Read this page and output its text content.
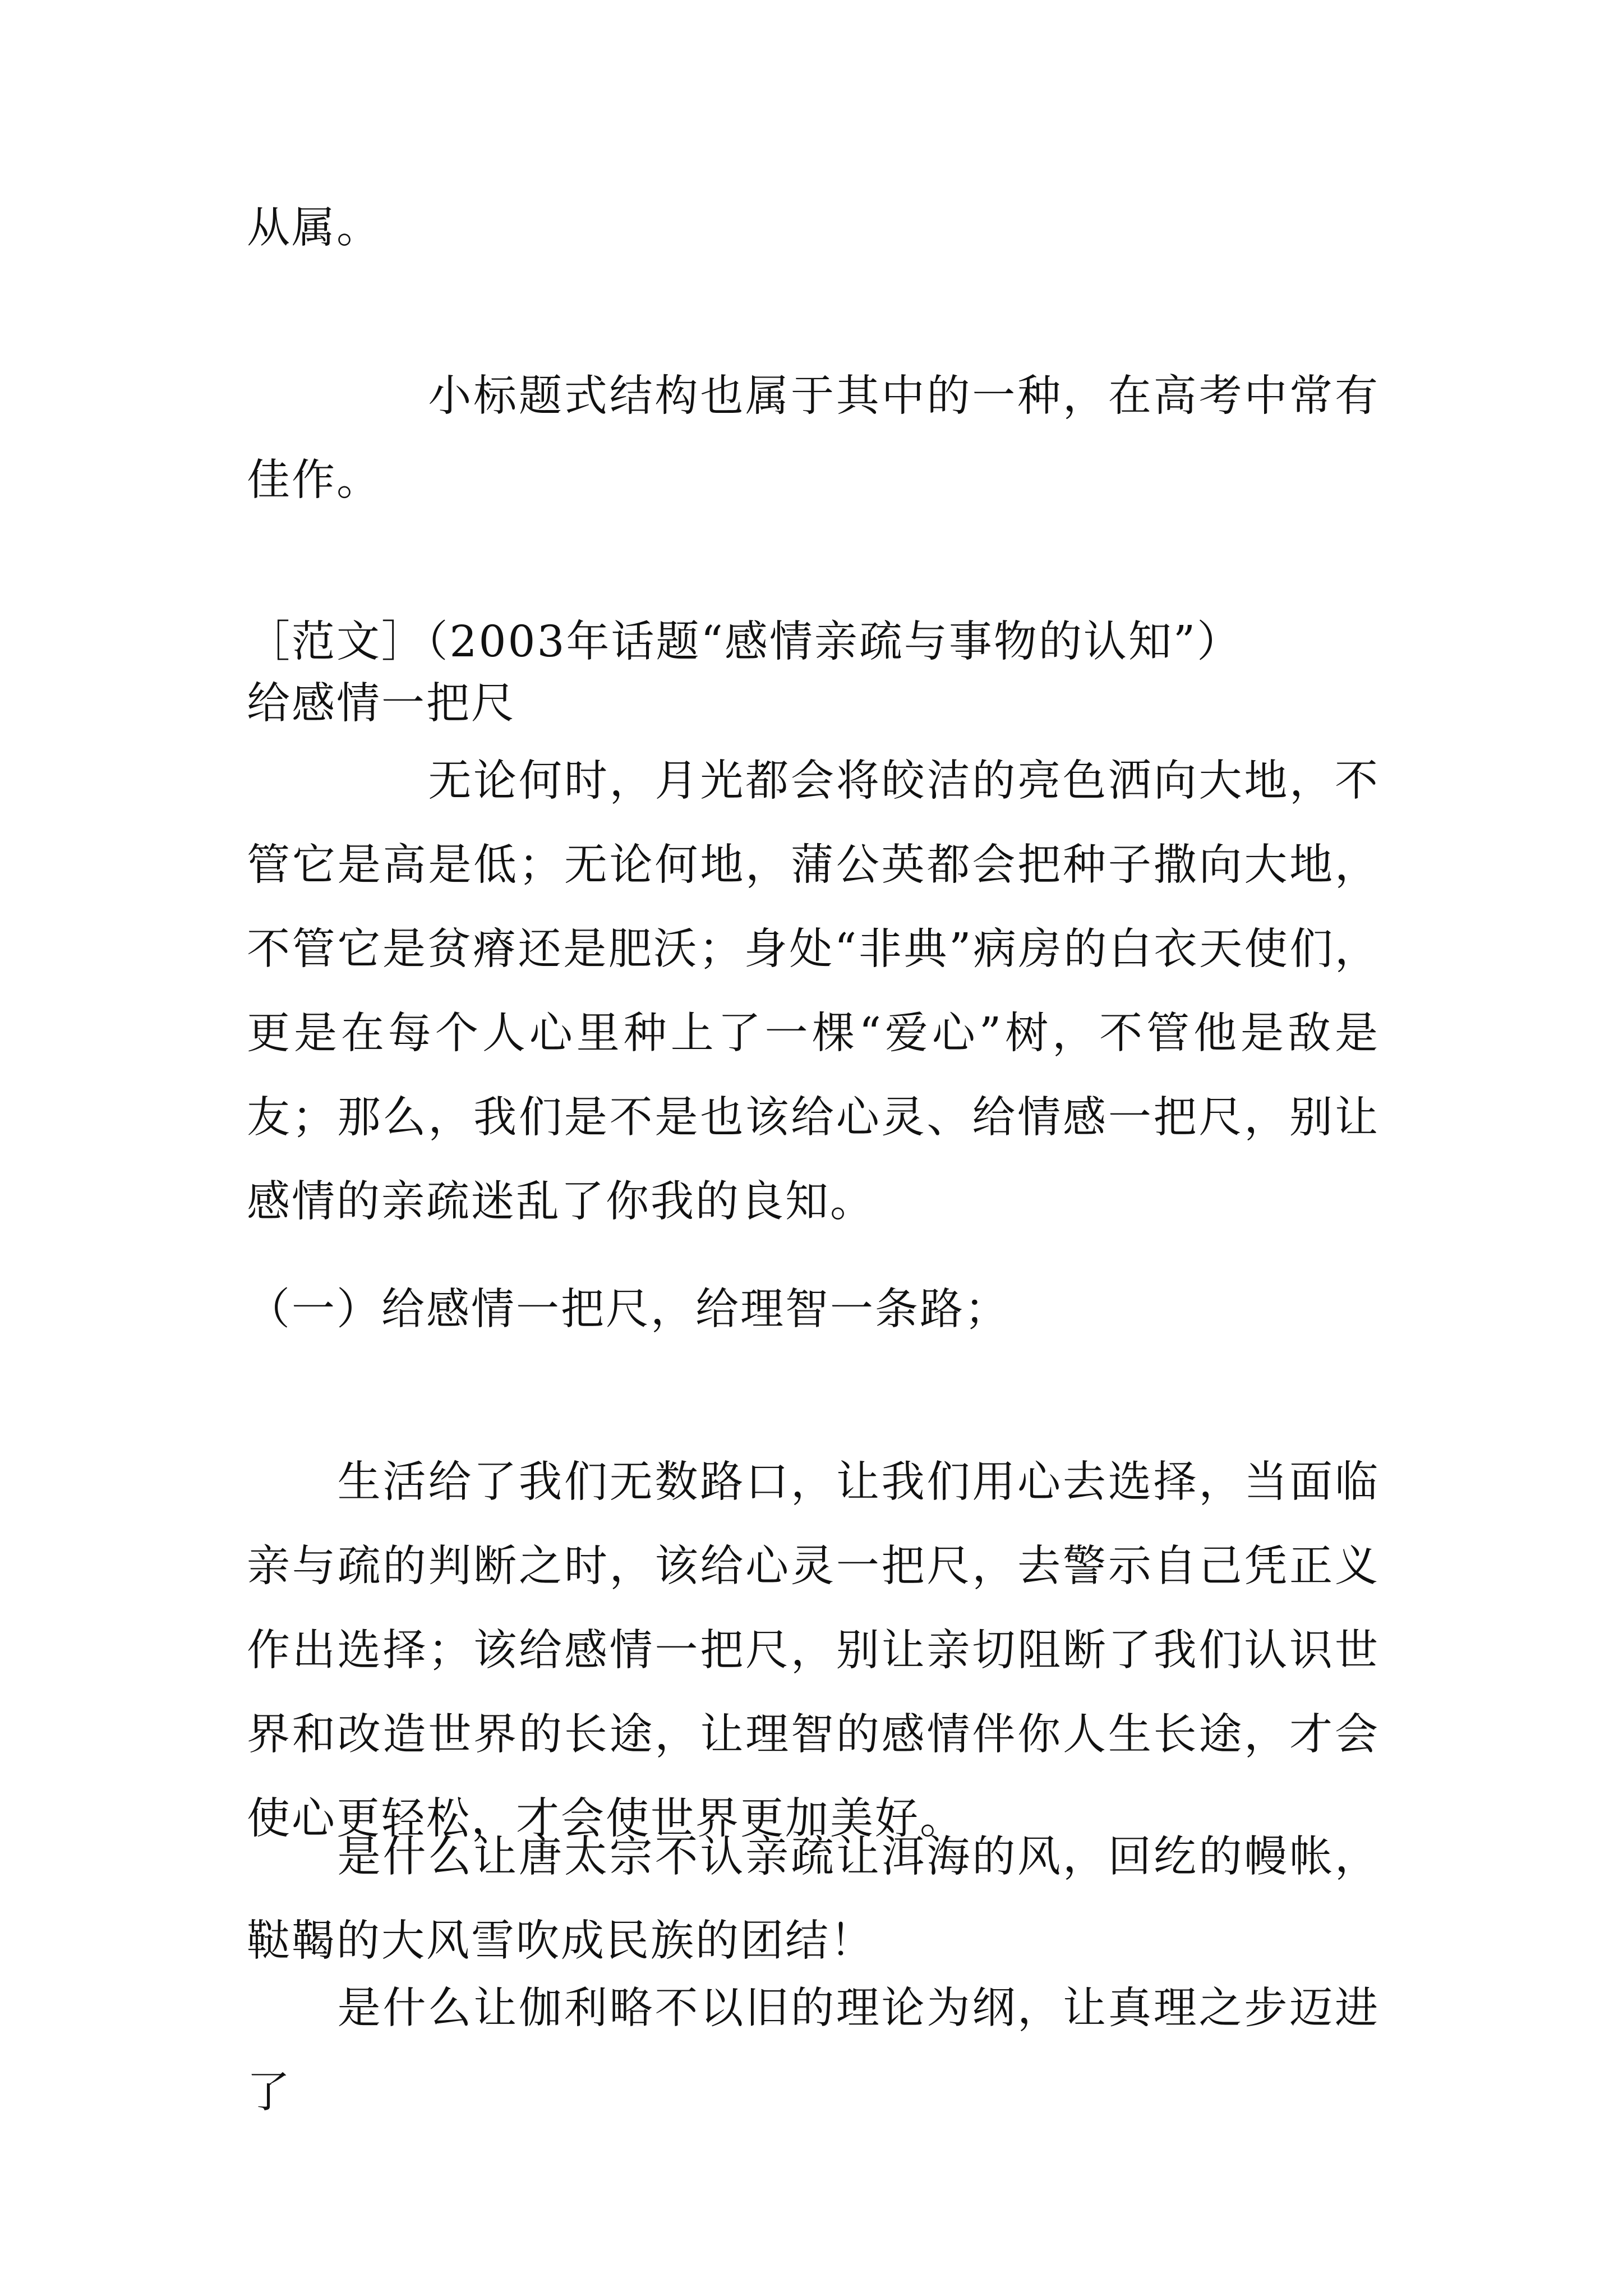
从属。
　　　　小标题式结构也属于其中的一种，在高考中常有佳作。
［范文］（2003年话题“感情亲疏与事物的认知”）
给感情一把尺
　　　　无论何时，月光都会将皎洁的亮色洒向大地，不管它是高是低；无论何地，蒲公英都会把种子撒向大地，不管它是贫瘠还是肥沃；身处“非典”病房的白衣天使们，更是在每个人心里种上了一棵“爱心”树，不管他是敌是友；那么，我们是不是也该给心灵、给情感一把尺，别让感情的亲疏迷乱了你我的良知。
（一）给感情一把尺，给理智一条路；
　　生活给了我们无数路口，让我们用心去选择，当面临亲与疏的判断之时，该给心灵一把尺，去警示自己凭正义作出选择；该给感情一把尺，别让亲切阻断了我们认识世界和改造世界的长途，让理智的感情伴你人生长途，才会使心更轻松，才会使世界更加美好。
　　是什么让唐太宗不认亲疏让洱海的风，回纥的幔帐，鞑鞨的大风雪吹成民族的团结！
　　是什么让伽利略不以旧的理论为纲，让真理之步迈进了
